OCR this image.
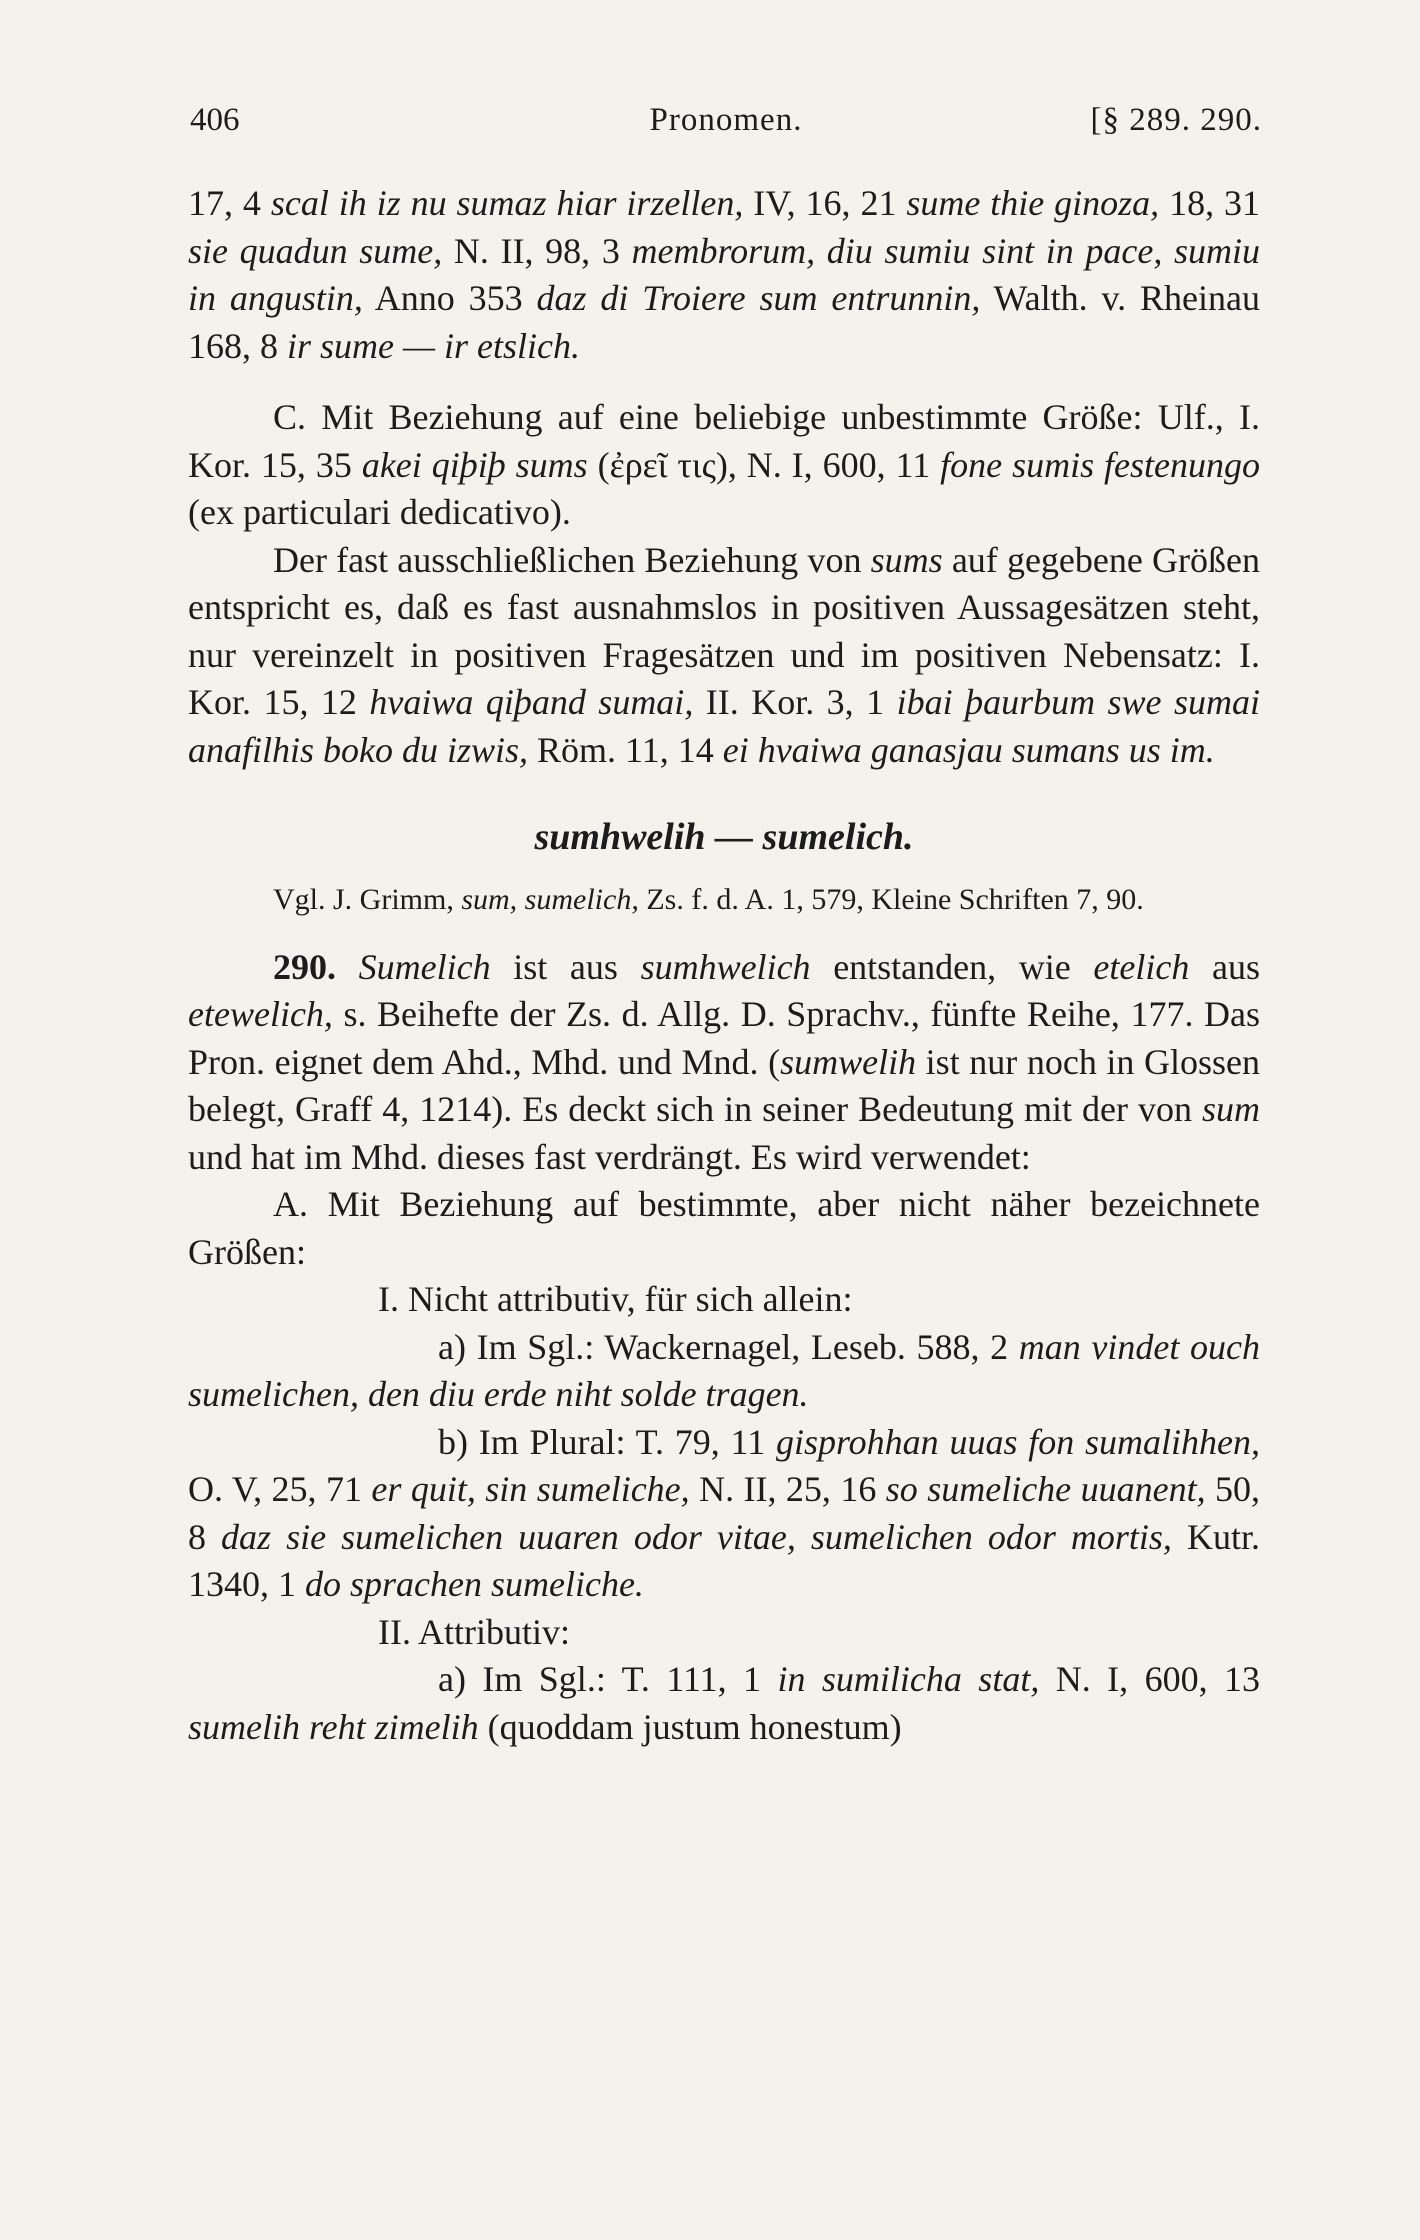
406	Pronomen.	[§ 289. 290.

17, 4 scal ih iz nu sumaz hiar irzellen, IV, 16, 21 sume thie ginoza, 18, 31 sie quadun sume, N. II, 98, 3 membrorum, diu sumiu sint in pace, sumiu in angustin, Anno 353 daz di Troiere sum entrunnin, Walth. v. Rheinau 168, 8 ir sume — ir etslich.

C. Mit Beziehung auf eine beliebige unbestimmte Größe: Ulf., I. Kor. 15, 35 akei qiþiþ sums (ἐρεῖ τις), N. I, 600, 11 fone sumis festenungo (ex particulari dedicativo).

Der fast ausschließlichen Beziehung von sums auf gegebene Größen entspricht es, daß es fast ausnahmslos in positiven Aussagesätzen steht, nur vereinzelt in positiven Fragesätzen und im positiven Nebensatz: I. Kor. 15, 12 hvaiwa qiþand sumai, II. Kor. 3, 1 ibai þaurbum swe sumai anafilhis boko du izwis, Röm. 11, 14 ei hvaiwa ganasjau sumans us im.

sumhwelih — sumelich.

Vgl. J. Grimm, sum, sumelich, Zs. f. d. A. 1, 579, Kleine Schriften 7, 90.

290. Sumelich ist aus sumhwelich entstanden, wie etelich aus etewelich, s. Beihefte der Zs. d. Allg. D. Sprachv., fünfte Reihe, 177. Das Pron. eignet dem Ahd., Mhd. und Mnd. (sumwelih ist nur noch in Glossen belegt, Graff 4, 1214). Es deckt sich in seiner Bedeutung mit der von sum und hat im Mhd. dieses fast verdrängt. Es wird verwendet:

A. Mit Beziehung auf bestimmte, aber nicht näher bezeichnete Größen:

I. Nicht attributiv, für sich allein:

a) Im Sgl.: Wackernagel, Leseb. 588, 2 man vindet ouch sumelichen, den diu erde niht solde tragen.

b) Im Plural: T. 79, 11 gisprohhan uuas fon sumalihhen, O. V, 25, 71 er quit, sin sumeliche, N. II, 25, 16 so sumeliche uuanent, 50, 8 daz sie sumelichen uuaren odor vitae, sumelichen odor mortis, Kutr. 1340, 1 do sprachen sumeliche.

II. Attributiv:

a) Im Sgl.: T. 111, 1 in sumilicha stat, N. I, 600, 13 sumelih reht zimelih (quoddam justum honestum)
